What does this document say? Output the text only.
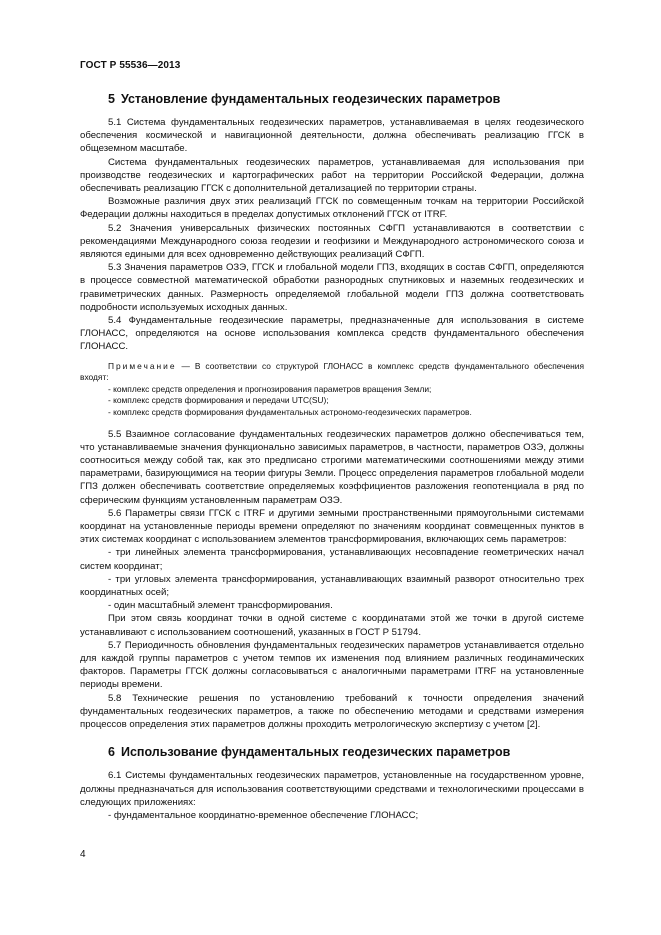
ГОСТ Р 55536—2013
5 Установление фундаментальных геодезических параметров

5.1 Система фундаментальных геодезических параметров, устанавливаемая в целях геодезического обеспечения космической и навигационной деятельности, должна обеспечивать реализацию ГГСК в общеземном масштабе.

Система фундаментальных геодезических параметров, устанавливаемая для использования при производстве геодезических и картографических работ на территории Российской Федерации, должна обеспечивать реализацию ГГСК с дополнительной детализацией по территории страны.

Возможные различия двух этих реализаций ГГСК по совмещенным точкам на территории Российской Федерации должны находиться в пределах допустимых отклонений ГГСК от ITRF.

5.2 Значения универсальных физических постоянных СФГП устанавливаются в соответствии с рекомендациями Международного союза геодезии и геофизики и Международного астрономического союза и являются едиными для всех одновременно действующих реализаций СФГП.

5.3 Значения параметров ОЗЭ, ГГСК и глобальной модели ГПЗ, входящих в состав СФГП, определяются в процессе совместной математической обработки разнородных спутниковых и наземных геодезических и гравиметрических данных. Размерность определяемой глобальной модели ГПЗ должна соответствовать подробности используемых исходных данных.

5.4 Фундаментальные геодезические параметры, предназначенные для использования в системе ГЛОНАСС, определяются на основе использования комплекса средств фундаментального обеспечения ГЛОНАСС.

Примечание — В соответствии со структурой ГЛОНАСС в комплекс средств фундаментального обеспечения входят:

- комплекс средств определения и прогнозирования параметров вращения Земли;

- комплекс средств формирования и передачи UTC(SU);

- комплекс средств формирования фундаментальных астрономо-геодезических параметров.

5.5 Взаимное согласование фундаментальных геодезических параметров должно обеспечиваться тем, что устанавливаемые значения функционально зависимых параметров, в частности, параметров ОЗЭ, должны соотноситься между собой так, как это предписано строгими математическими соотношениями между этими параметрами, базирующимися на теории фигуры Земли. Процесс определения параметров глобальной модели ГПЗ должен обеспечивать соответствие определяемых коэффициентов разложения геопотенциала в ряд по сферическим функциям установленным параметрам ОЗЭ.

5.6 Параметры связи ГГСК с ITRF и другими земными пространственными прямоугольными системами координат на установленные периоды времени определяют по значениям координат совмещенных пунктов в этих системах координат с использованием элементов трансформирования, включающих семь параметров:

- три линейных элемента трансформирования, устанавливающих несовпадение геометрических начал систем координат;

- три угловых элемента трансформирования, устанавливающих взаимный разворот относительно трех координатных осей;

- один масштабный элемент трансформирования.

При этом связь координат точки в одной системе с координатами этой же точки в другой системе устанавливают с использованием соотношений, указанных в ГОСТ Р 51794.

5.7 Периодичность обновления фундаментальных геодезических параметров устанавливается отдельно для каждой группы параметров с учетом темпов их изменения под влиянием различных геодинамических факторов. Параметры ГГСК должны согласовываться с аналогичными параметрами ITRF на установленные периоды времени.

5.8 Технические решения по установлению требований к точности определения значений фундаментальных геодезических параметров, а также по обеспечению методами и средствами измерения процессов определения этих параметров должны проходить метрологическую экспертизу с учетом [2].

6 Использование фундаментальных геодезических параметров

6.1 Системы фундаментальных геодезических параметров, установленные на государственном уровне, должны предназначаться для использования соответствующими средствами и технологическими процессами в следующих приложениях:

- фундаментальное координатно-временное обеспечение ГЛОНАСС;

4
